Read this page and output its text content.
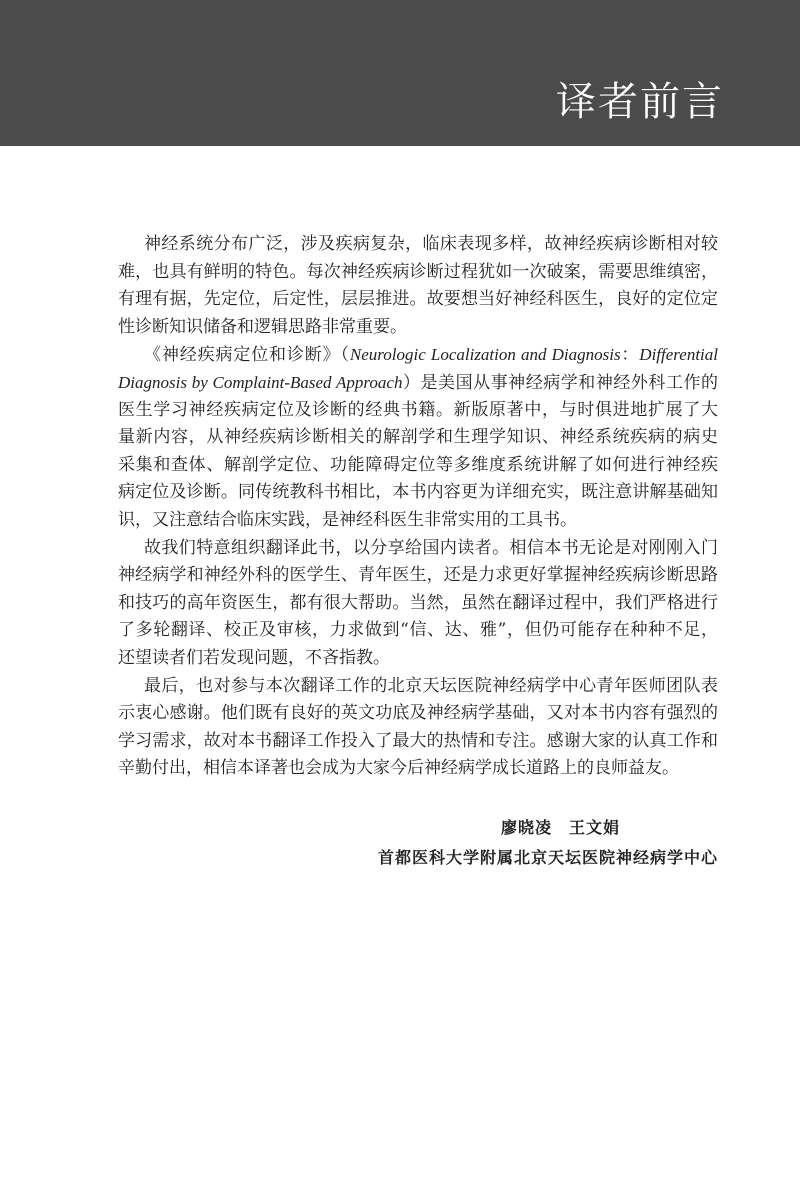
译者前言
神经系统分布广泛，涉及疾病复杂，临床表现多样，故神经疾病诊断相对较
难，也具有鲜明的特色。每次神经疾病诊断过程犹如一次破案，需要思维缜密，
有理有据，先定位，后定性，层层推进。故要想当好神经科医生，良好的定位定
性诊断知识储备和逻辑思路非常重要。
《神经疾病定位和诊断》（Neurologic Localization and Diagnosis：Differential
Diagnosis by Complaint-Based Approach）是美国从事神经病学和神经外科工作的
医生学习神经疾病定位及诊断的经典书籍。新版原著中，与时俱进地扩展了大
量新内容，从神经疾病诊断相关的解剖学和生理学知识、神经系统疾病的病史
采集和查体、解剖学定位、功能障碍定位等多维度系统讲解了如何进行神经疾
病定位及诊断。同传统教科书相比，本书内容更为详细充实，既注意讲解基础知
识，又注意结合临床实践，是神经科医生非常实用的工具书。
故我们特意组织翻译此书，以分享给国内读者。相信本书无论是对刚刚入门
神经病学和神经外科的医学生、青年医生，还是力求更好掌握神经疾病诊断思路
和技巧的高年资医生，都有很大帮助。当然，虽然在翻译过程中，我们严格进行
了多轮翻译、校正及审核，力求做到“信、达、雅”，但仍可能存在种种不足，
还望读者们若发现问题，不吝指教。
最后，也对参与本次翻译工作的北京天坛医院神经病学中心青年医师团队表
示衷心感谢。他们既有良好的英文功底及神经病学基础，又对本书内容有强烈的
学习需求，故对本书翻译工作投入了最大的热情和专注。感谢大家的认真工作和
辛勤付出，相信本译著也会成为大家今后神经病学成长道路上的良师益友。
廖晓凌　王文娟
首都医科大学附属北京天坛医院神经病学中心
